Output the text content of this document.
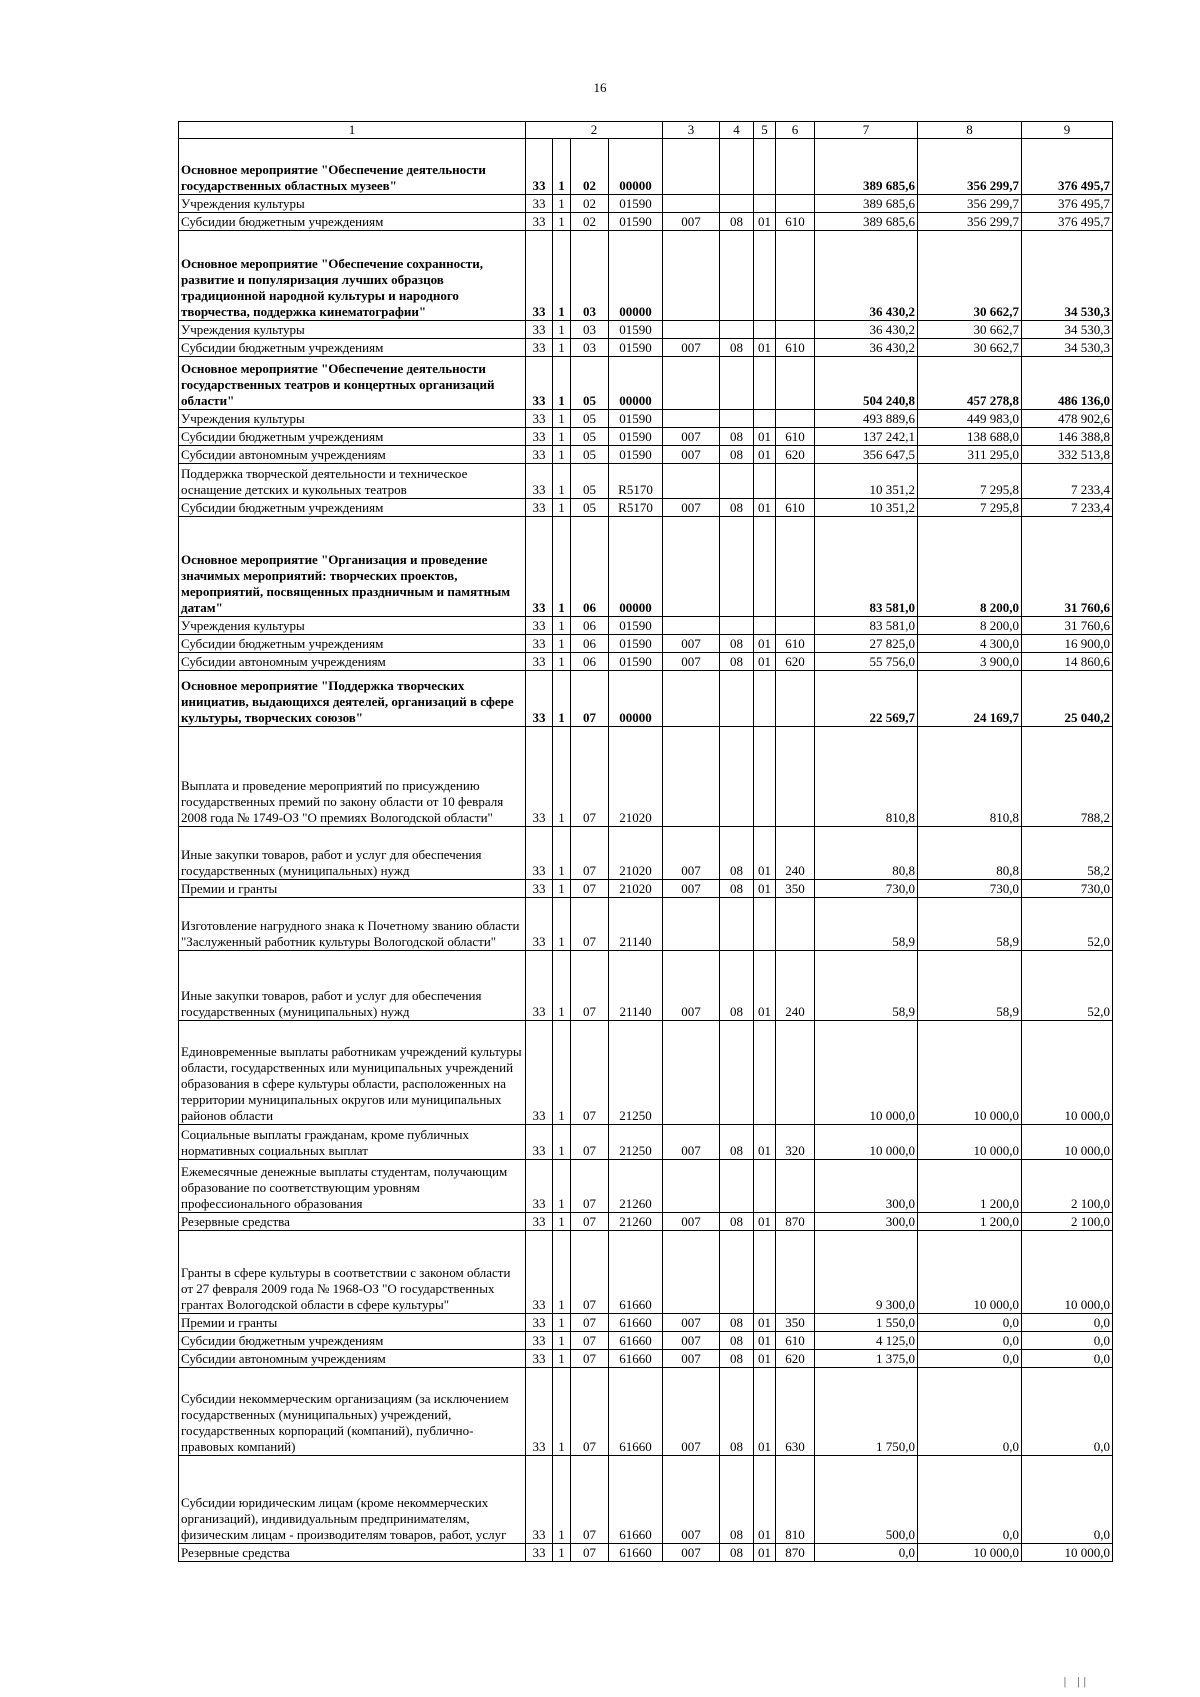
16
1	2				3	4	5	6	7	8	9
Основное мероприятие "Обеспечение деятельности государственных областных музеев"	33	1	02	00000					389 685,6	356 299,7	376 495,7
Учреждения культуры	33	1	02	01590					389 685,6	356 299,7	376 495,7
Субсидии бюджетным учреждениям	33	1	02	01590	007	08	01	610	389 685,6	356 299,7	376 495,7
Основное мероприятие "Обеспечение сохранности, развитие и популяризация лучших образцов традиционной народной культуры и народного творчества, поддержка кинематографии"	33	1	03	00000					36 430,2	30 662,7	34 530,3
Учреждения культуры	33	1	03	01590					36 430,2	30 662,7	34 530,3
Субсидии бюджетным учреждениям	33	1	03	01590	007	08	01	610	36 430,2	30 662,7	34 530,3
Основное мероприятие "Обеспечение деятельности государственных театров и концертных организаций области"	33	1	05	00000					504 240,8	457 278,8	486 136,0
Учреждения культуры	33	1	05	01590					493 889,6	449 983,0	478 902,6
Субсидии бюджетным учреждениям	33	1	05	01590	007	08	01	610	137 242,1	138 688,0	146 388,8
Субсидии автономным учреждениям	33	1	05	01590	007	08	01	620	356 647,5	311 295,0	332 513,8
Поддержка творческой деятельности и техническое оснащение детских и кукольных театров	33	1	05	R5170					10 351,2	7 295,8	7 233,4
Субсидии бюджетным учреждениям	33	1	05	R5170	007	08	01	610	10 351,2	7 295,8	7 233,4
Основное мероприятие "Организация и проведение значимых мероприятий: творческих проектов, мероприятий, посвященных праздничным и памятным датам"	33	1	06	00000					83 581,0	8 200,0	31 760,6
Учреждения культуры	33	1	06	01590					83 581,0	8 200,0	31 760,6
Субсидии бюджетным учреждениям	33	1	06	01590	007	08	01	610	27 825,0	4 300,0	16 900,0
Субсидии автономным учреждениям	33	1	06	01590	007	08	01	620	55 756,0	3 900,0	14 860,6
Основное мероприятие "Поддержка творческих инициатив, выдающихся деятелей, организаций в сфере культуры, творческих союзов"	33	1	07	00000					22 569,7	24 169,7	25 040,2
Выплата и проведение мероприятий по присуждению государственных премий по закону области от 10 февраля 2008 года № 1749-ОЗ "О премиях Вологодской области"	33	1	07	21020					810,8	810,8	788,2
Иные закупки товаров, работ и услуг для обеспечения государственных (муниципальных) нужд	33	1	07	21020	007	08	01	240	80,8	80,8	58,2
Премии и гранты	33	1	07	21020	007	08	01	350	730,0	730,0	730,0
Изготовление нагрудного знака к Почетному званию области "Заслуженный работник культуры Вологодской области"	33	1	07	21140					58,9	58,9	52,0
Иные закупки товаров, работ и услуг для обеспечения государственных (муниципальных) нужд	33	1	07	21140	007	08	01	240	58,9	58,9	52,0
Единовременные выплаты работникам учреждений культуры области, государственных или муниципальных учреждений образования в сфере культуры области, расположенных на территории муниципальных округов или муниципальных районов области	33	1	07	21250					10 000,0	10 000,0	10 000,0
Социальные выплаты гражданам, кроме публичных нормативных социальных выплат	33	1	07	21250	007	08	01	320	10 000,0	10 000,0	10 000,0
Ежемесячные денежные выплаты студентам, получающим образование по соответствующим уровням профессионального образования	33	1	07	21260					300,0	1 200,0	2 100,0
Резервные средства	33	1	07	21260	007	08	01	870	300,0	1 200,0	2 100,0
Гранты в сфере культуры в соответствии с законом области от 27 февраля 2009 года № 1968-ОЗ "О государственных грантах Вологодской области в сфере культуры"	33	1	07	61660					9 300,0	10 000,0	10 000,0
Премии и гранты	33	1	07	61660	007	08	01	350	1 550,0	0,0	0,0
Субсидии бюджетным учреждениям	33	1	07	61660	007	08	01	610	4 125,0	0,0	0,0
Субсидии автономным учреждениям	33	1	07	61660	007	08	01	620	1 375,0	0,0	0,0
Субсидии некоммерческим организациям (за исключением государственных (муниципальных) учреждений, государственных корпораций (компаний), публично-правовых компаний)	33	1	07	61660	007	08	01	630	1 750,0	0,0	0,0
Субсидии юридическим лицам (кроме некоммерческих организаций), индивидуальным предпринимателям, физическим лицам - производителям товаров, работ, услуг	33	1	07	61660	007	08	01	810	500,0	0,0	0,0
Резервные средства	33	1	07	61660	007	08	01	870	0,0	10 000,0	10 000,0
| ||
